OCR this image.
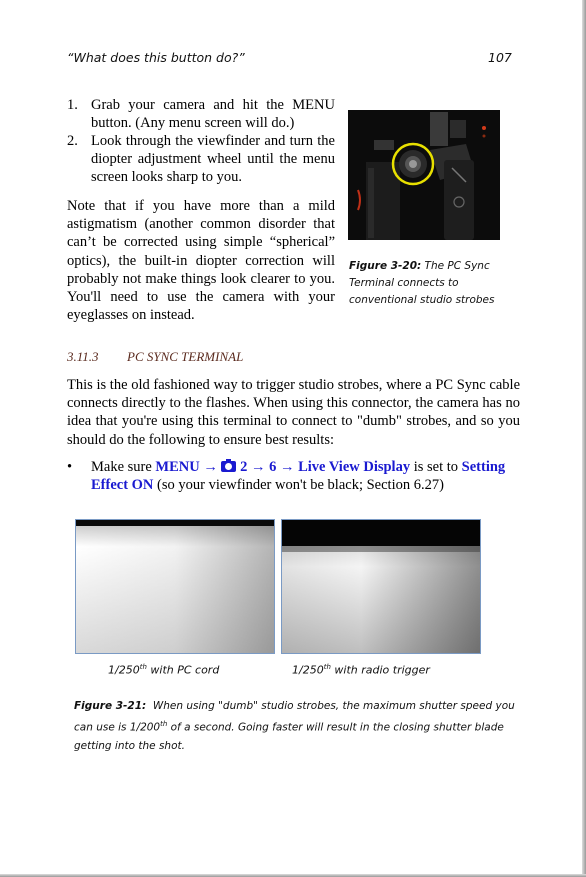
“What does this button do?”	107
1. Grab your camera and hit the MENU button. (Any menu screen will do.)
2. Look through the viewfinder and turn the diopter adjustment wheel until the menu screen looks sharp to you.
Note that if you have more than a mild astigmatism (another common disorder that can’t be corrected using simple “spherical” optics), the built-in diopter correction will probably not make things look clearer to you. You'll need to use the camera with your eyeglasses on instead.
Figure 3-20: The PC Sync Terminal connects to conventional studio strobes
3.11.3 PC SYNC TERMINAL
This is the old fashioned way to trigger studio strobes, where a PC Sync cable connects directly to the flashes. When using this connector, the camera has no idea that you're using this terminal to connect to "dumb" strobes, and so you should do the following to ensure best results:
• Make sure MENU → 2 → 6 → Live View Display is set to Setting Effect ON (so your viewfinder won't be black; Section 6.27)
1/250th with PC cord	1/250th with radio trigger
Figure 3-21: When using "dumb" studio strobes, the maximum shutter speed you can use is 1/200th of a second. Going faster will result in the closing shutter blade getting into the shot.
